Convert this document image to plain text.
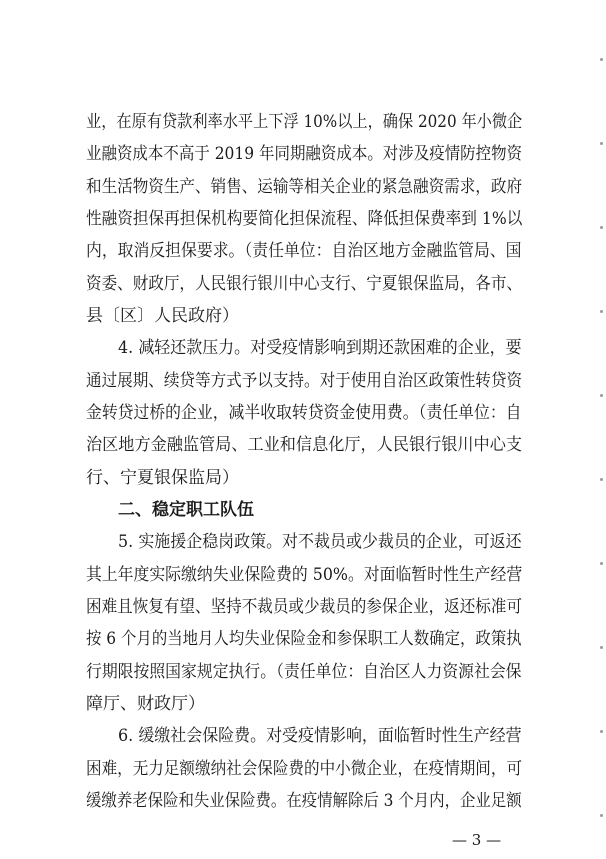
业，在原有贷款利率水平上下浮 10%以上，确保 2020 年小微企
业融资成本不高于 2019 年同期融资成本。对涉及疫情防控物资
和生活物资生产、销售、运输等相关企业的紧急融资需求，政府
性融资担保再担保机构要简化担保流程、降低担保费率到 1%以
内，取消反担保要求。（责任单位：自治区地方金融监管局、国
资委、财政厅，人民银行银川中心支行、宁夏银保监局，各市、
县〔区〕人民政府）
4. 减轻还款压力。对受疫情影响到期还款困难的企业，要
通过展期、续贷等方式予以支持。对于使用自治区政策性转贷资
金转贷过桥的企业，减半收取转贷资金使用费。（责任单位：自
治区地方金融监管局、工业和信息化厅，人民银行银川中心支
行、宁夏银保监局）
二、稳定职工队伍
5. 实施援企稳岗政策。对不裁员或少裁员的企业，可返还
其上年度实际缴纳失业保险费的 50%。对面临暂时性生产经营
困难且恢复有望、坚持不裁员或少裁员的参保企业，返还标准可
按 6 个月的当地月人均失业保险金和参保职工人数确定，政策执
行期限按照国家规定执行。（责任单位：自治区人力资源社会保
障厅、财政厅）
6. 缓缴社会保险费。对受疫情影响，面临暂时性生产经营
困难，无力足额缴纳社会保险费的中小微企业，在疫情期间，可
缓缴养老保险和失业保险费。在疫情解除后 3 个月内，企业足额
— 3 —
